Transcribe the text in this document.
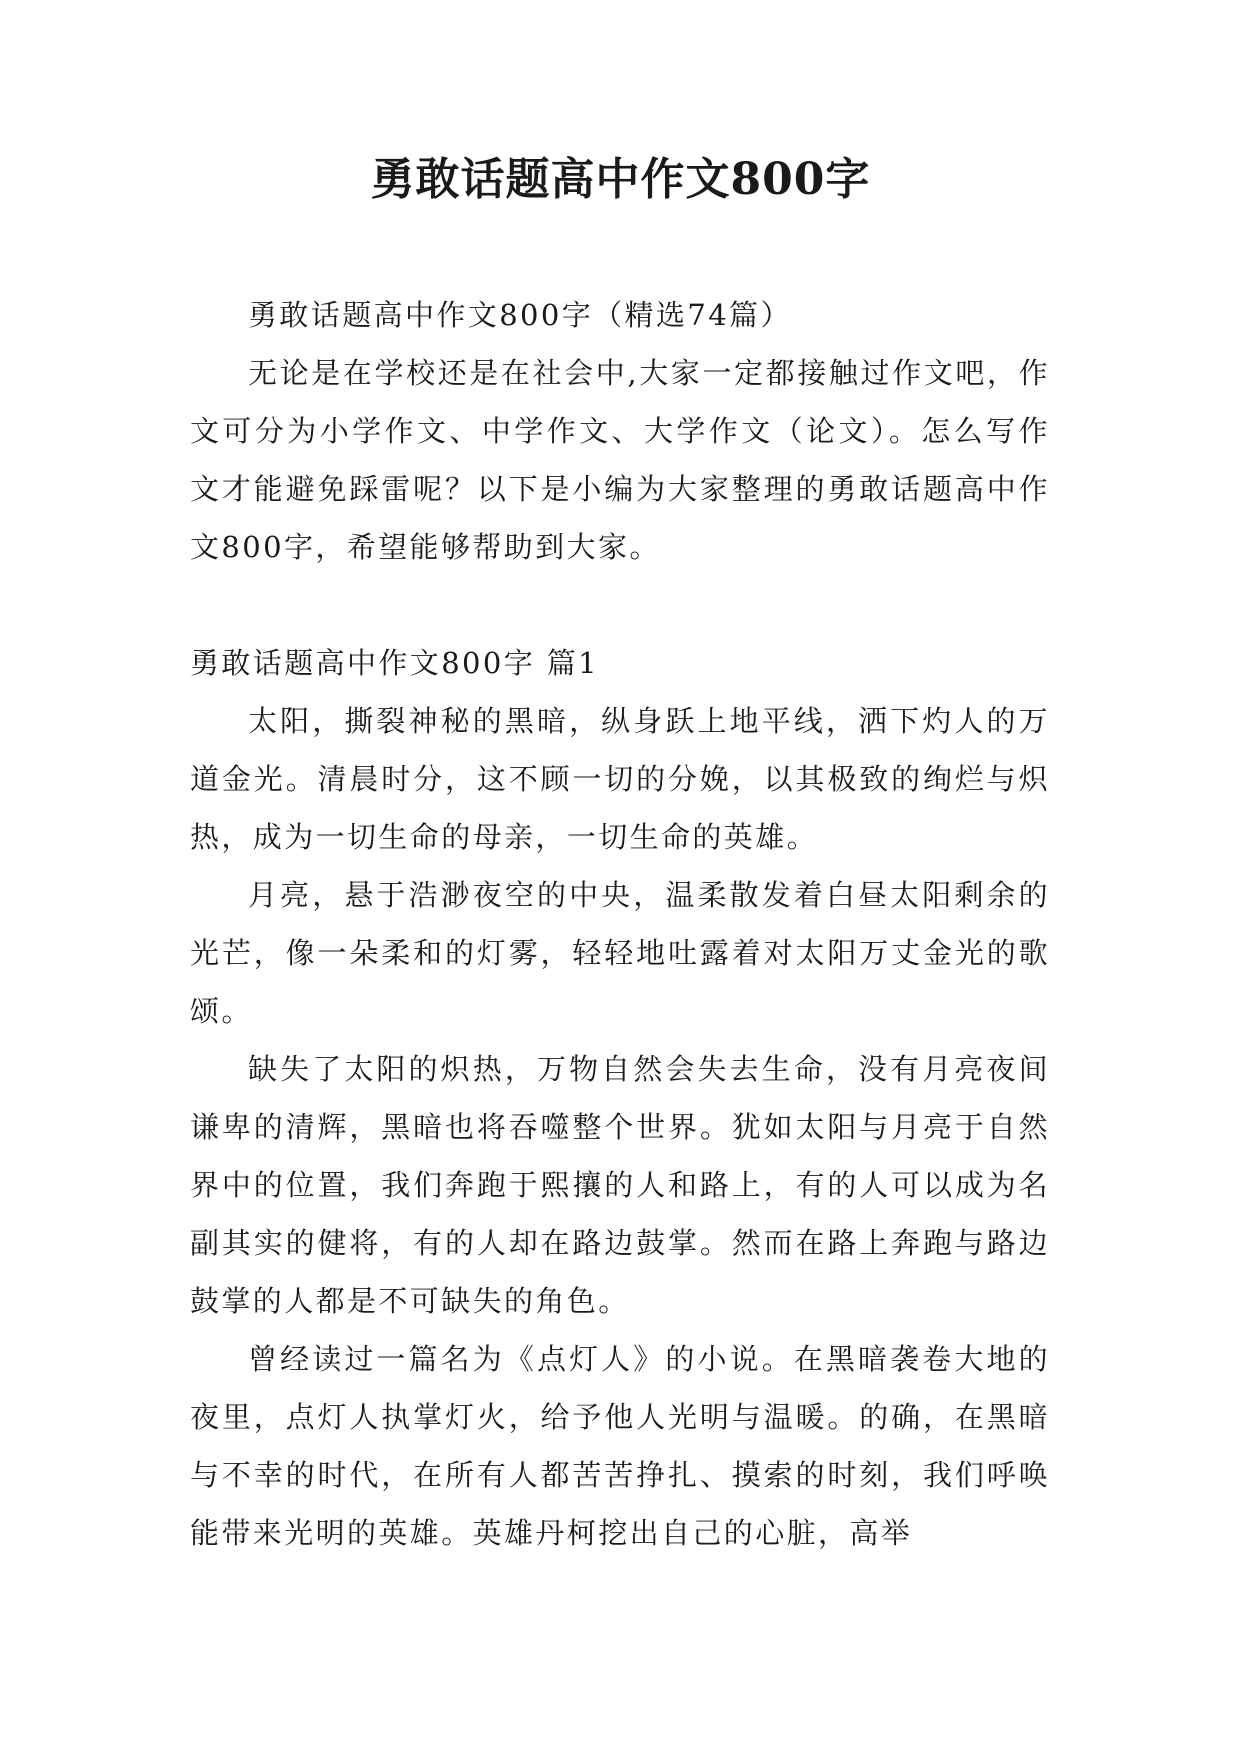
勇敢话题高中作文800字

勇敢话题高中作文800字（精选74篇）

无论是在学校还是在社会中,大家一定都接触过作文吧，作文可分为小学作文、中学作文、大学作文（论文）。怎么写作文才能避免踩雷呢？以下是小编为大家整理的勇敢话题高中作文800字，希望能够帮助到大家。

勇敢话题高中作文800字 篇1

太阳，撕裂神秘的黑暗，纵身跃上地平线，洒下灼人的万道金光。清晨时分，这不顾一切的分娩，以其极致的绚烂与炽热，成为一切生命的母亲，一切生命的英雄。

月亮，悬于浩渺夜空的中央，温柔散发着白昼太阳剩余的光芒，像一朵柔和的灯雾，轻轻地吐露着对太阳万丈金光的歌颂。

缺失了太阳的炽热，万物自然会失去生命，没有月亮夜间谦卑的清辉，黑暗也将吞噬整个世界。犹如太阳与月亮于自然界中的位置，我们奔跑于熙攘的人和路上，有的人可以成为名副其实的健将，有的人却在路边鼓掌。然而在路上奔跑与路边鼓掌的人都是不可缺失的角色。

曾经读过一篇名为《点灯人》的小说。在黑暗袭卷大地的夜里，点灯人执掌灯火，给予他人光明与温暖。的确，在黑暗与不幸的时代，在所有人都苦苦挣扎、摸索的时刻，我们呼唤能带来光明的英雄。英雄丹柯挖出自己的心脏，高举
